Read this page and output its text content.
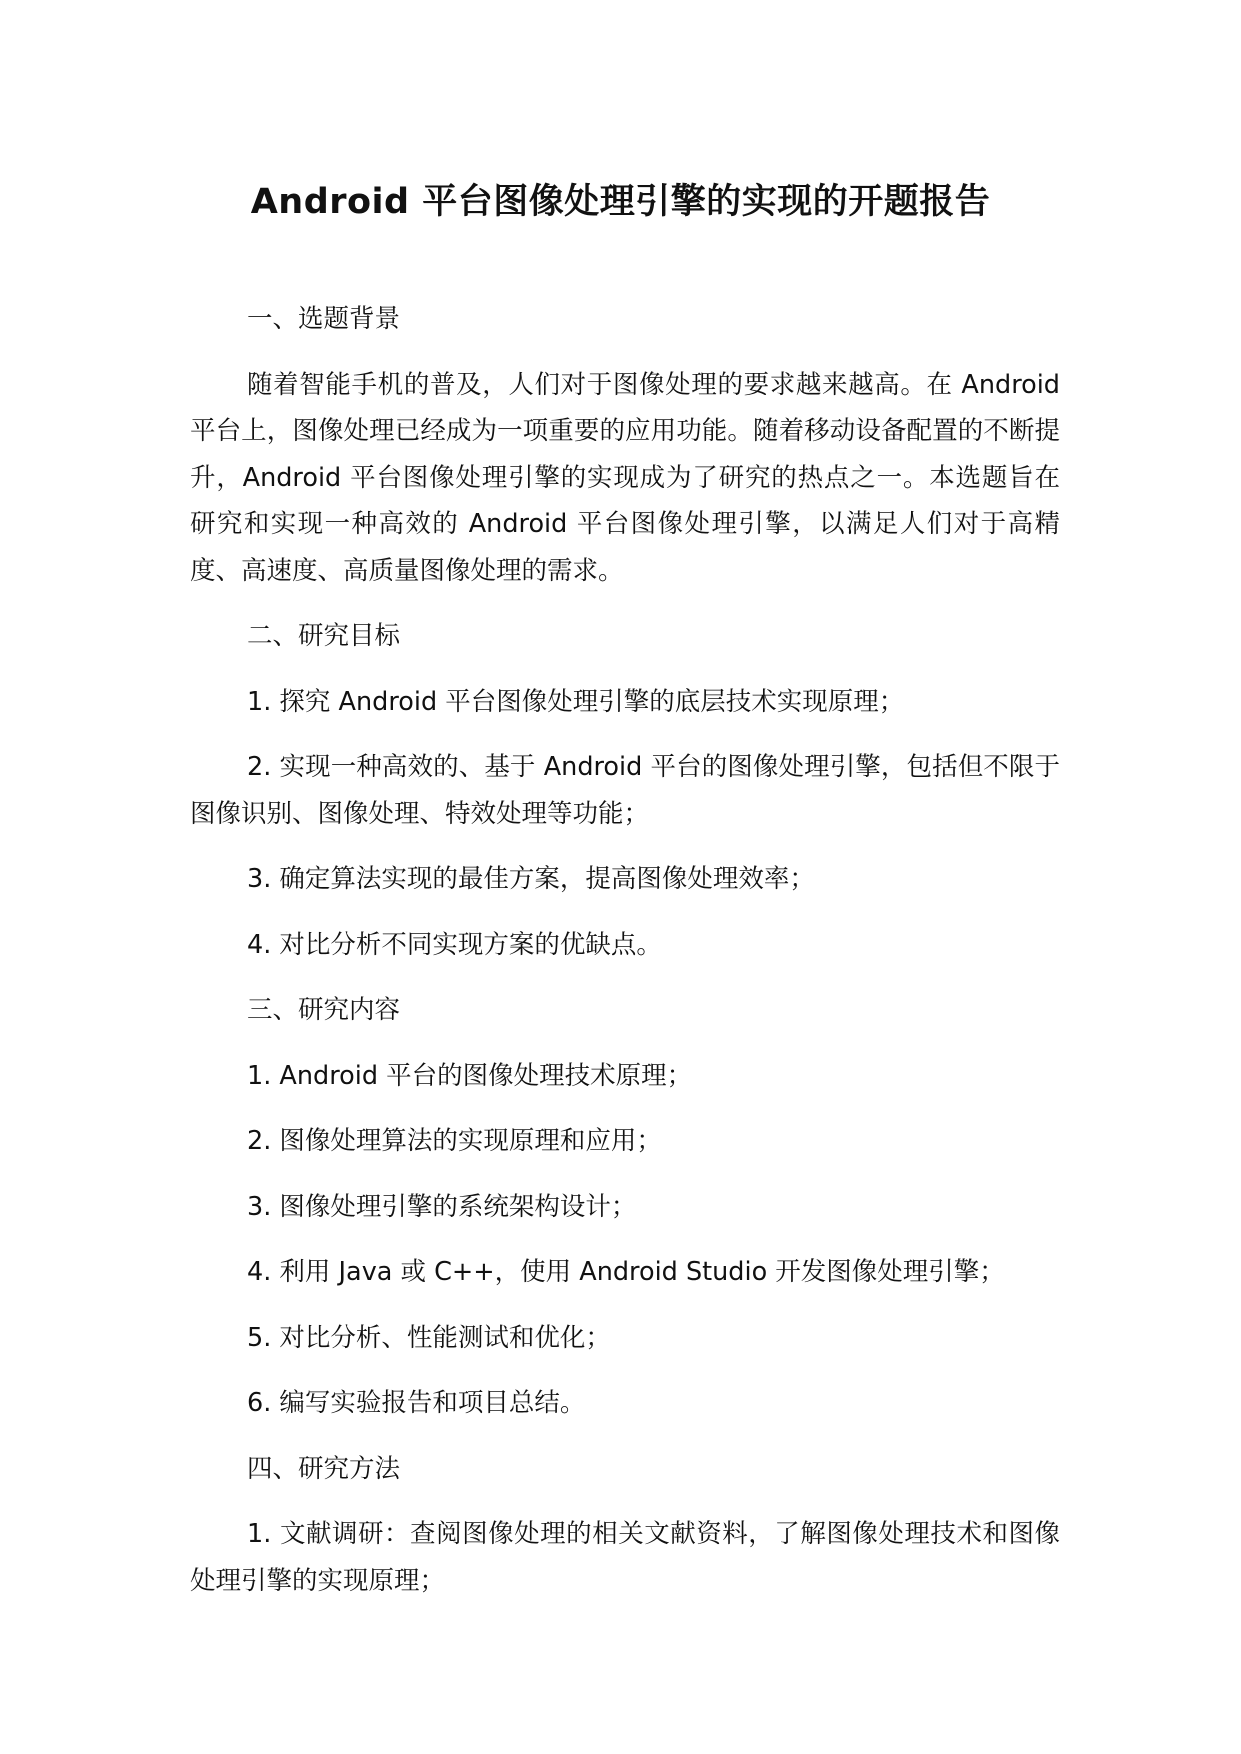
Android 平台图像处理引擎的实现的开题报告

一、选题背景

随着智能手机的普及，人们对于图像处理的要求越来越高。在 Android 平台上，图像处理已经成为一项重要的应用功能。随着移动设备配置的不断提升，Android 平台图像处理引擎的实现成为了研究的热点之一。本选题旨在研究和实现一种高效的 Android 平台图像处理引擎，以满足人们对于高精度、高速度、高质量图像处理的需求。

二、研究目标

1. 探究 Android 平台图像处理引擎的底层技术实现原理；

2. 实现一种高效的、基于 Android 平台的图像处理引擎，包括但不限于图像识别、图像处理、特效处理等功能；

3. 确定算法实现的最佳方案，提高图像处理效率；

4. 对比分析不同实现方案的优缺点。

三、研究内容

1. Android 平台的图像处理技术原理；

2. 图像处理算法的实现原理和应用；

3. 图像处理引擎的系统架构设计；

4. 利用 Java 或 C++，使用 Android Studio 开发图像处理引擎；

5. 对比分析、性能测试和优化；

6. 编写实验报告和项目总结。

四、研究方法

1. 文献调研：查阅图像处理的相关文献资料，了解图像处理技术和图像处理引擎的实现原理；
